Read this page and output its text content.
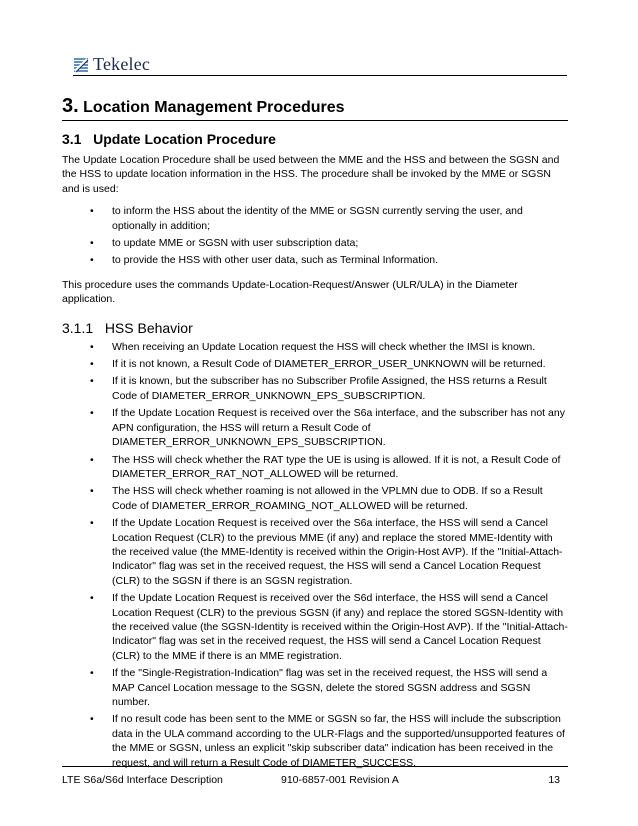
Tekelec
3. Location Management Procedures
3.1 Update Location Procedure

The Update Location Procedure shall be used between the MME and the HSS and between the SGSN and the HSS to update location information in the HSS. The procedure shall be invoked by the MME or SGSN and is used:

• to inform the HSS about the identity of the MME or SGSN currently serving the user, and optionally in addition;
• to update MME or SGSN with user subscription data;
• to provide the HSS with other user data, such as Terminal Information.

This procedure uses the commands Update-Location-Request/Answer (ULR/ULA) in the Diameter application.

3.1.1 HSS Behavior
• When receiving an Update Location request the HSS will check whether the IMSI is known.
• If it is not known, a Result Code of DIAMETER_ERROR_USER_UNKNOWN will be returned.
• If it is known, but the subscriber has no Subscriber Profile Assigned, the HSS returns a Result Code of DIAMETER_ERROR_UNKNOWN_EPS_SUBSCRIPTION.
• If the Update Location Request is received over the S6a interface, and the subscriber has not any APN configuration, the HSS will return a Result Code of DIAMETER_ERROR_UNKNOWN_EPS_SUBSCRIPTION.
• The HSS will check whether the RAT type the UE is using is allowed. If it is not, a Result Code of DIAMETER_ERROR_RAT_NOT_ALLOWED will be returned.
• The HSS will check whether roaming is not allowed in the VPLMN due to ODB. If so a Result Code of DIAMETER_ERROR_ROAMING_NOT_ALLOWED will be returned.
• If the Update Location Request is received over the S6a interface, the HSS will send a Cancel Location Request (CLR) to the previous MME (if any) and replace the stored MME-Identity with the received value (the MME-Identity is received within the Origin-Host AVP). If the "Initial-Attach-Indicator" flag was set in the received request, the HSS will send a Cancel Location Request (CLR) to the SGSN if there is an SGSN registration.
• If the Update Location Request is received over the S6d interface, the HSS will send a Cancel Location Request (CLR) to the previous SGSN (if any) and replace the stored SGSN-Identity with the received value (the SGSN-Identity is received within the Origin-Host AVP). If the "Initial-Attach-Indicator" flag was set in the received request, the HSS will send a Cancel Location Request (CLR) to the MME if there is an MME registration.
• If the "Single-Registration-Indication" flag was set in the received request, the HSS will send a MAP Cancel Location message to the SGSN, delete the stored SGSN address and SGSN number.
• If no result code has been sent to the MME or SGSN so far, the HSS will include the subscription data in the ULA command according to the ULR-Flags and the supported/unsupported features of the MME or SGSN, unless an explicit "skip subscriber data" indication has been received in the request, and will return a Result Code of DIAMETER_SUCCESS.
LTE S6a/S6d Interface Description	910-6857-001 Revision A	13
